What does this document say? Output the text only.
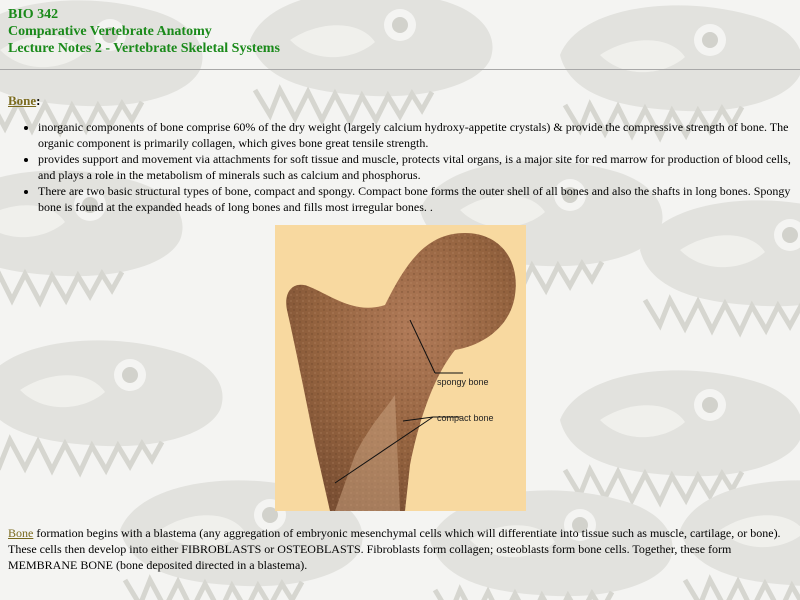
BIO 342
Comparative Vertebrate Anatomy
Lecture Notes 2 - Vertebrate Skeletal Systems
Bone:
• inorganic components of bone comprise 60% of the dry weight (largely calcium hydroxy-appetite crystals) & provide the compressive strength of bone. The organic component is primarily collagen, which gives bone great tensile strength.
• provides support and movement via attachments for soft tissue and muscle, protects vital organs, is a major site for red marrow for production of blood cells, and plays a role in the metabolism of minerals such as calcium and phosphorus.
• There are two basic structural types of bone, compact and spongy. Compact bone forms the outer shell of all bones and also the shafts in long bones. Spongy bone is found at the expanded heads of long bones and fills most irregular bones. .
spongy bone
compact bone
Bone formation begins with a blastema (any aggregation of embryonic mesenchymal cells which will differentiate into tissue such as muscle, cartilage, or bone). These cells then develop into either FIBROBLASTS or OSTEOBLASTS. Fibroblasts form collagen; osteoblasts form bone cells. Together, these form MEMBRANE BONE (bone deposited directed in a blastema).
